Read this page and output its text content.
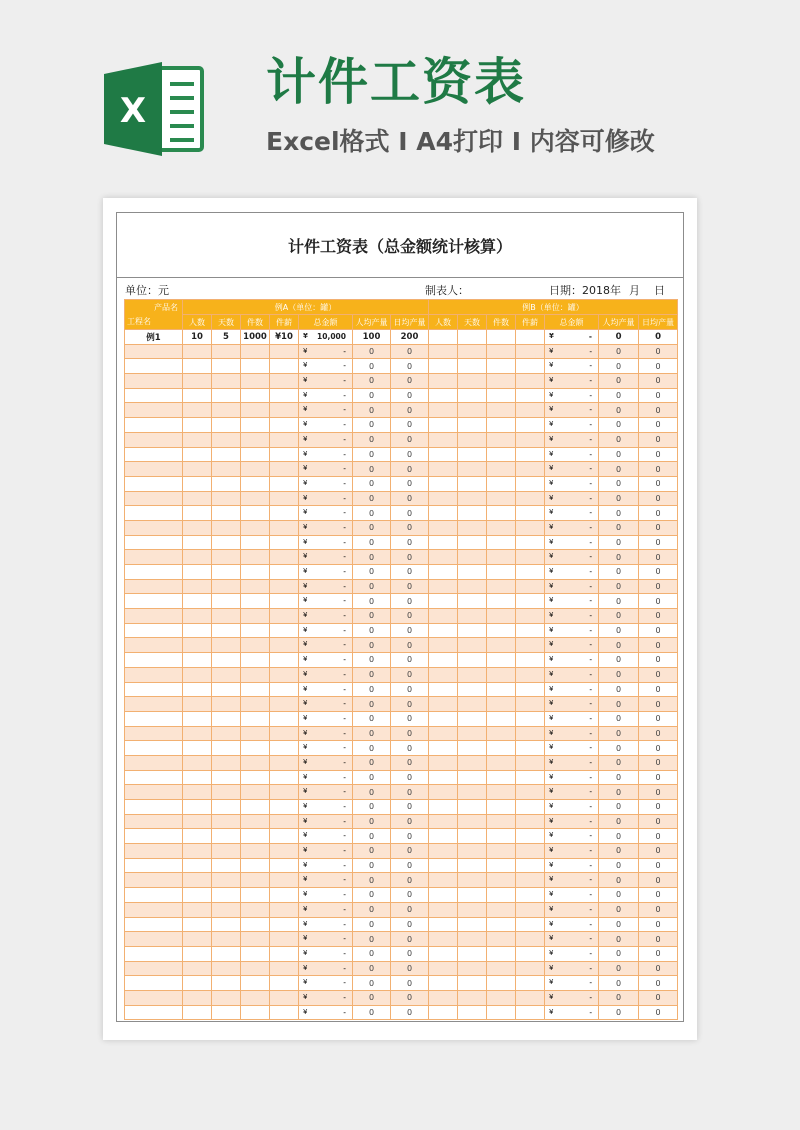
X 计件工资表
Excel格式 I A4打印 I 内容可修改
计件工资表（总金额统计核算）
单位：元	制表人：	日期：2018年 月 日
产品名
工程名	例A（单位：罐）							例B（单位：罐）						
	人数	天数	件数	件薪	总金额	人均产量	日均产量	人数	天数	件数	件薪	总金额	人均产量	日均产量
例1	10	5	1000	¥10	¥ 10,000	100	200					¥ -	0	0

					¥ -	0	0					¥ -	0	0

					¥ -	0	0					¥ -	0	0

					¥ -	0	0					¥ -	0	0

					¥ -	0	0					¥ -	0	0

					¥ -	0	0					¥ -	0	0

					¥ -	0	0					¥ -	0	0

					¥ -	0	0					¥ -	0	0

					¥ -	0	0					¥ -	0	0

					¥ -	0	0					¥ -	0	0

					¥ -	0	0					¥ -	0	0

					¥ -	0	0					¥ -	0	0

					¥ -	0	0					¥ -	0	0

					¥ -	0	0					¥ -	0	0

					¥ -	0	0					¥ -	0	0

					¥ -	0	0					¥ -	0	0

					¥ -	0	0					¥ -	0	0

					¥ -	0	0					¥ -	0	0

					¥ -	0	0					¥ -	0	0

					¥ -	0	0					¥ -	0	0

					¥ -	0	0					¥ -	0	0

					¥ -	0	0					¥ -	0	0

					¥ -	0	0					¥ -	0	0

					¥ -	0	0					¥ -	0	0

					¥ -	0	0					¥ -	0	0

					¥ -	0	0					¥ -	0	0

					¥ -	0	0					¥ -	0	0

					¥ -	0	0					¥ -	0	0

					¥ -	0	0					¥ -	0	0

					¥ -	0	0					¥ -	0	0

					¥ -	0	0					¥ -	0	0

					¥ -	0	0					¥ -	0	0

					¥ -	0	0					¥ -	0	0

					¥ -	0	0					¥ -	0	0

					¥ -	0	0					¥ -	0	0

					¥ -	0	0					¥ -	0	0

					¥ -	0	0					¥ -	0	0

					¥ -	0	0					¥ -	0	0

					¥ -	0	0					¥ -	0	0

					¥ -	0	0					¥ -	0	0

					¥ -	0	0					¥ -	0	0

					¥ -	0	0					¥ -	0	0

					¥ -	0	0					¥ -	0	0

					¥ -	0	0					¥ -	0	0

					¥ -	0	0					¥ -	0	0

					¥ -	0	0					¥ -	0	0

					¥ -	0	0					¥ -	0	0
